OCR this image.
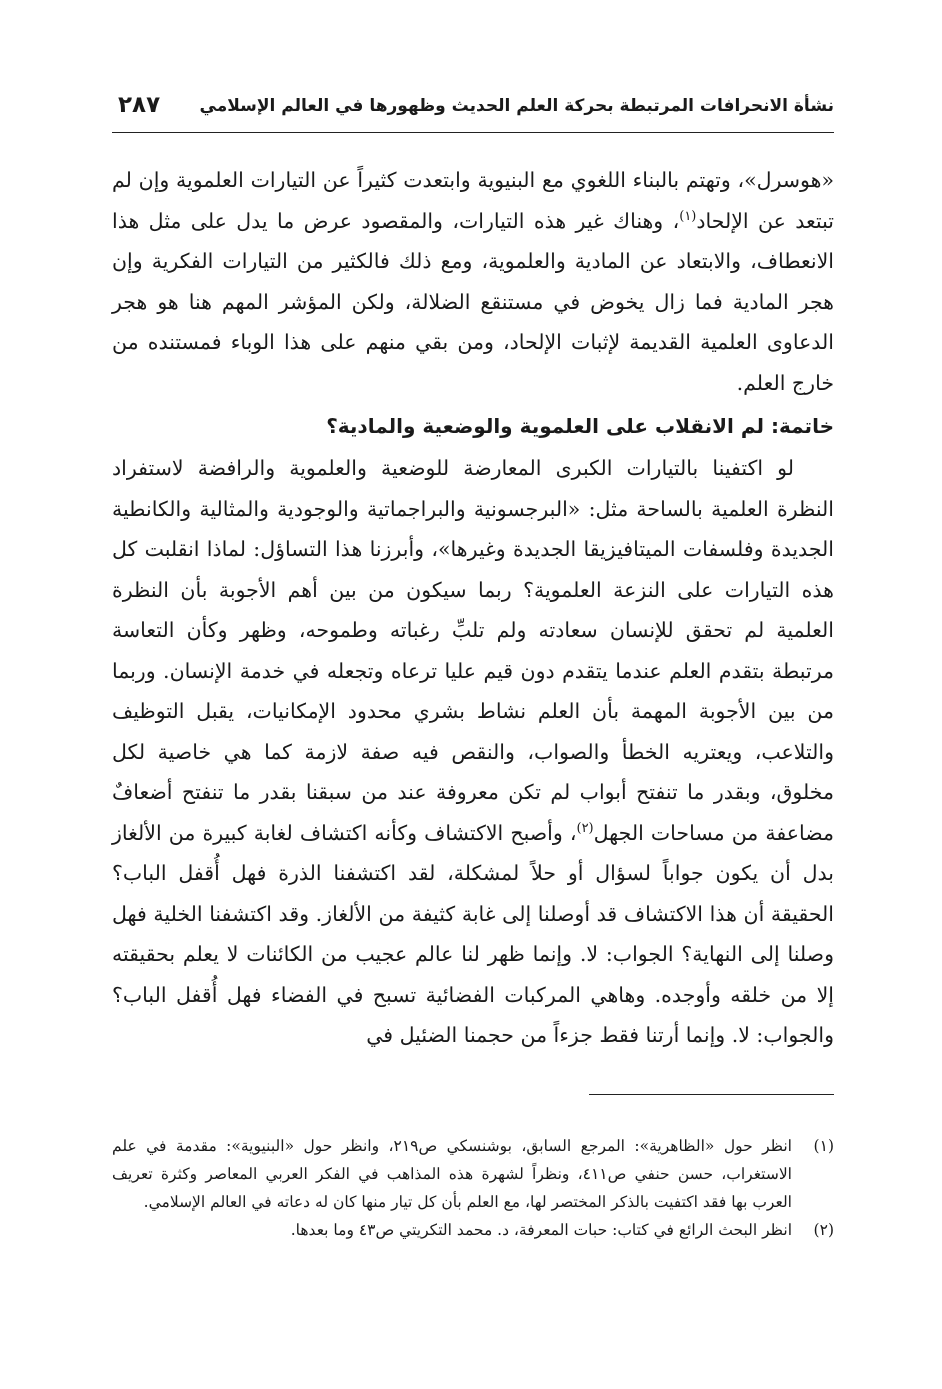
نشأة الانحرافات المرتبطة بحركة العلم الحديث وظهورها في العالم الإسلامي
٢٨٧

«هوسرل»، وتهتم بالبناء اللغوي مع البنيوية وابتعدت كثيراً عن التيارات العلموية وإن لم تبتعد عن الإلحاد$^{(١)}$، وهناك غير هذه التيارات، والمقصود عرض ما يدل على مثل هذا الانعطاف، والابتعاد عن المادية والعلموية، ومع ذلك فالكثير من التيارات الفكرية وإن هجر المادية فما زال يخوض في مستنقع الضلالة، ولكن المؤشر المهم هنا هو هجر الدعاوى العلمية القديمة لإثبات الإلحاد، ومن بقي منهم على هذا الوباء فمستنده من خارج العلم.

خاتمة: لم الانقلاب على العلموية والوضعية والمادية؟

لو اكتفينا بالتيارات الكبرى المعارضة للوضعية والعلموية والرافضة لاستفراد النظرة العلمية بالساحة مثل: «البرجسونية والبراجماتية والوجودية والمثالية والكانطية الجديدة وفلسفات الميتافيزيقا الجديدة وغيرها»، وأبرزنا هذا التساؤل: لماذا انقلبت كل هذه التيارات على النزعة العلموية؟ ربما سيكون من بين أهم الأجوبة بأن النظرة العلمية لم تحقق للإنسان سعادته ولم تلبِّ رغباته وطموحه، وظهر وكأن التعاسة مرتبطة بتقدم العلم عندما يتقدم دون قيم عليا ترعاه وتجعله في خدمة الإنسان. وربما من بين الأجوبة المهمة بأن العلم نشاط بشري محدود الإمكانيات، يقبل التوظيف والتلاعب، ويعتريه الخطأ والصواب، والنقص فيه صفة لازمة كما هي خاصية لكل مخلوق، وبقدر ما تنفتح أبواب لم تكن معروفة عند من سبقنا بقدر ما تنفتح أضعافٌ مضاعفة من مساحات الجهل$^{(٢)}$، وأصبح الاكتشاف وكأنه اكتشاف لغابة كبيرة من الألغاز بدل أن يكون جواباً لسؤال أو حلاً لمشكلة، لقد اكتشفنا الذرة فهل أُقفل الباب؟ الحقيقة أن هذا الاكتشاف قد أوصلنا إلى غابة كثيفة من الألغاز. وقد اكتشفنا الخلية فهل وصلنا إلى النهاية؟ الجواب: لا. وإنما ظهر لنا عالم عجيب من الكائنات لا يعلم بحقيقته إلا من خلقه وأوجده. وهاهي المركبات الفضائية تسبح في الفضاء فهل أُقفل الباب؟ والجواب: لا. وإنما أرتنا فقط جزءاً من حجمنا الضئيل في

(١)
انظر حول «الظاهرية»: المرجع السابق، بوشنسكي ص٢١٩، وانظر حول «البنيوية»: مقدمة في علم الاستغراب، حسن حنفي ص٤١١، ونظراً لشهرة هذه المذاهب في الفكر العربي المعاصر وكثرة تعريف العرب بها فقد اكتفيت بالذكر المختصر لها، مع العلم بأن كل تيار منها كان له دعاته في العالم الإسلامي.
(٢)
انظر البحث الرائع في كتاب: حبات المعرفة، د. محمد التكريتي ص٤٣ وما بعدها.
